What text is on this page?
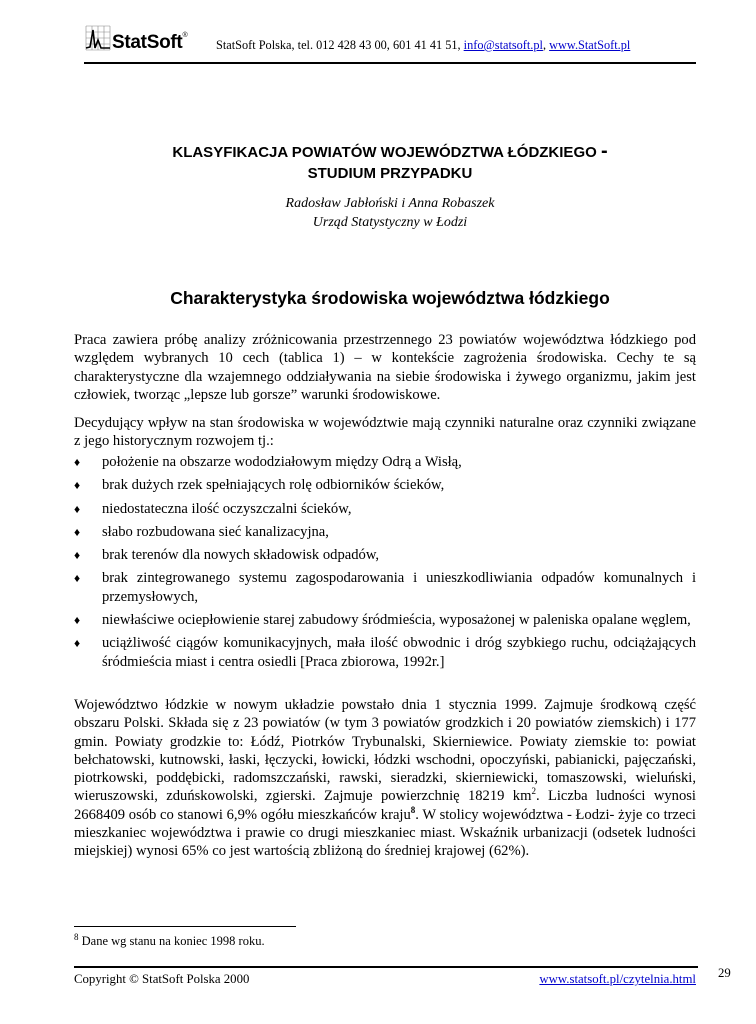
StatSoft®
StatSoft Polska, tel. 012 428 43 00, 601 41 41 51, info@statsoft.pl, www.StatSoft.pl
KLASYFIKACJA POWIATÓW WOJEWÓDZTWA ŁÓDZKIEGO -
STUDIUM PRZYPADKU
Radosław Jabłoński i Anna Robaszek
Urząd Statystyczny w Łodzi
Charakterystyka środowiska województwa łódzkiego
Praca zawiera próbę analizy zróżnicowania przestrzennego 23 powiatów województwa łódzkiego pod względem wybranych 10 cech (tablica 1) – w kontekście zagrożenia środowiska. Cechy te są charakterystyczne dla wzajemnego oddziaływania na siebie środowiska i żywego organizmu, jakim jest człowiek, tworząc „lepsze lub gorsze” warunki środowiskowe.
Decydujący wpływ na stan środowiska w województwie mają czynniki naturalne oraz czynniki związane z jego historycznym rozwojem tj.:
♦ położenie na obszarze wododziałowym między Odrą a Wisłą,
♦ brak dużych rzek spełniających rolę odbiorników ścieków,
♦ niedostateczna ilość oczyszczalni ścieków,
♦ słabo rozbudowana sieć kanalizacyjna,
♦ brak terenów dla nowych składowisk odpadów,
♦ brak zintegrowanego systemu zagospodarowania i unieszkodliwiania odpadów komunalnych i przemysłowych,
♦ niewłaściwe ociepłowienie starej zabudowy śródmieścia, wyposażonej w paleniska opalane węglem,
♦ uciążliwość ciągów komunikacyjnych, mała ilość obwodnic i dróg szybkiego ruchu, odciążających śródmieścia miast i centra osiedli [Praca zbiorowa, 1992r.]
Województwo łódzkie w nowym układzie powstało dnia 1 stycznia 1999. Zajmuje środkową część obszaru Polski. Składa się z 23 powiatów (w tym 3 powiatów grodzkich i 20 powiatów ziemskich) i 177 gmin. Powiaty grodzkie to: Łódź, Piotrków Trybunalski, Skierniewice. Powiaty ziemskie to: powiat bełchatowski, kutnowski, łaski, łęczycki, łowicki, łódzki wschodni, opoczyński, pabianicki, pajęczański, piotrkowski, poddębicki, radomszczański, rawski, sieradzki, skierniewicki, tomaszowski, wieluński, wieruszowski, zduńskowolski, zgierski. Zajmuje powierzchnię 18219 $km^2$. Liczba ludności wynosi 2668409 osób co stanowi 6,9% ogółu mieszkańców kraju$^8$. W stolicy województwa - Łodzi- żyje co trzeci mieszkaniec województwa i prawie co drugi mieszkaniec miast. Wskaźnik urbanizacji (odsetek ludności miejskiej) wynosi 65% co jest wartością zbliżoną do średniej krajowej (62%).
$^8$ Dane wg stanu na koniec 1998 roku.
Copyright © StatSoft Polska 2000	www.statsoft.pl/czytelnia.html 29
